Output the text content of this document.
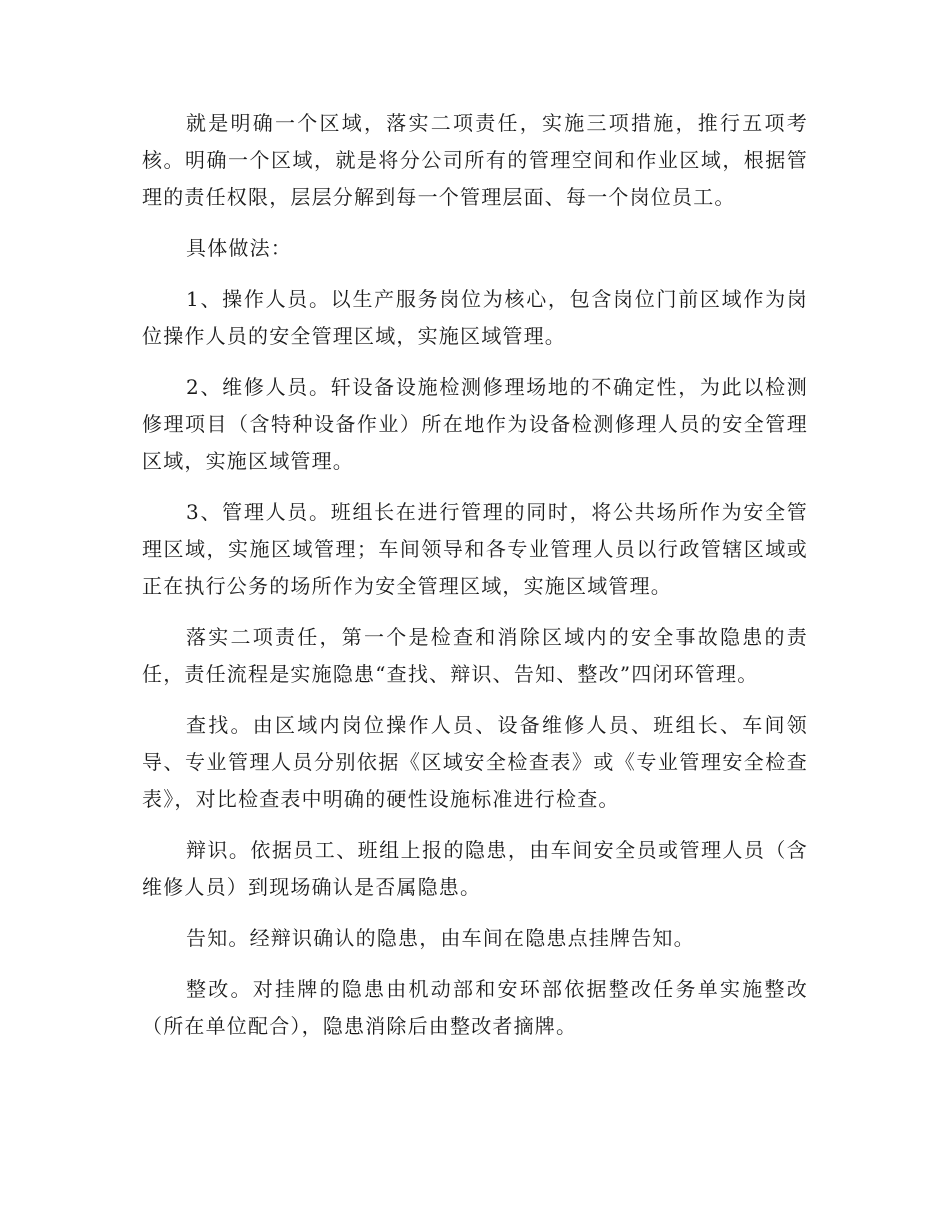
就是明确一个区域，落实二项责任，实施三项措施，推行五项考核。明确一个区域，就是将分公司所有的管理空间和作业区域，根据管理的责任权限，层层分解到每一个管理层面、每一个岗位员工。

具体做法：

1、操作人员。以生产服务岗位为核心，包含岗位门前区域作为岗位操作人员的安全管理区域，实施区域管理。

2、维修人员。轩设备设施检测修理场地的不确定性，为此以检测修理项目（含特种设备作业）所在地作为设备检测修理人员的安全管理区域，实施区域管理。

3、管理人员。班组长在进行管理的同时，将公共场所作为安全管理区域，实施区域管理；车间领导和各专业管理人员以行政管辖区域或正在执行公务的场所作为安全管理区域，实施区域管理。

落实二项责任，第一个是检查和消除区域内的安全事故隐患的责任，责任流程是实施隐患“查找、辩识、告知、整改”四闭环管理。

查找。由区域内岗位操作人员、设备维修人员、班组长、车间领导、专业管理人员分别依据《区域安全检查表》或《专业管理安全检查表》，对比检查表中明确的硬性设施标准进行检查。

辩识。依据员工、班组上报的隐患，由车间安全员或管理人员（含维修人员）到现场确认是否属隐患。

告知。经辩识确认的隐患，由车间在隐患点挂牌告知。

整改。对挂牌的隐患由机动部和安环部依据整改任务单实施整改（所在单位配合），隐患消除后由整改者摘牌。
